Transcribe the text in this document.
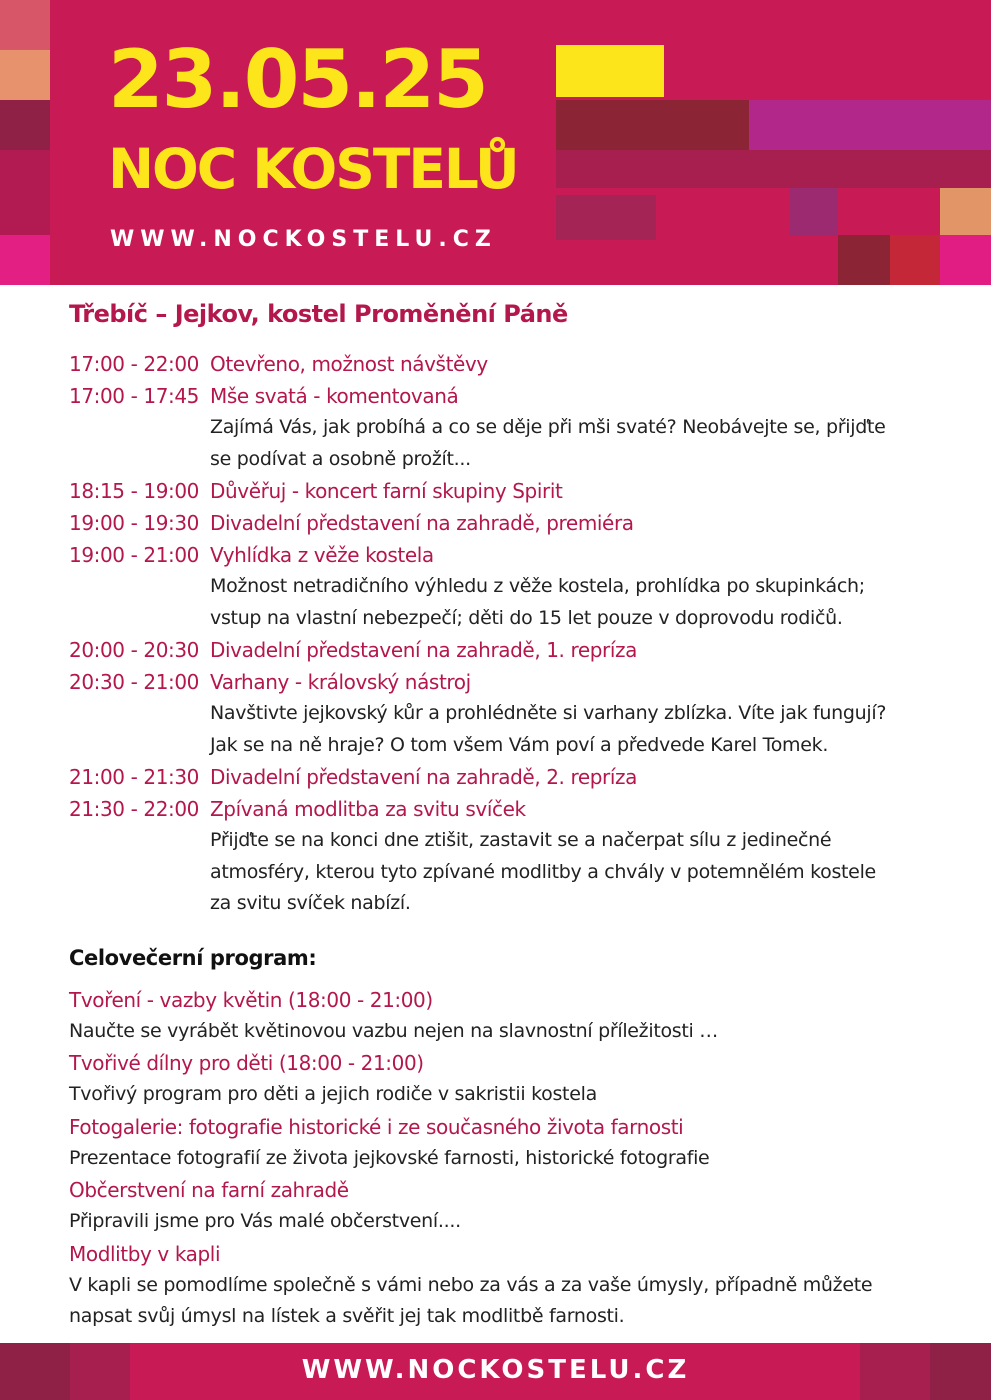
23.05.25
NOC KOSTELŮ
WWW.NOCKOSTELU.CZ
Třebíč – Jejkov, kostel Proměnění Páně
17:00 - 22:00 Otevřeno, možnost návštěvy
17:00 - 17:45 Mše svatá - komentovaná
Zajímá Vás, jak probíhá a co se děje při mši svaté? Neobávejte se, přijďte
se podívat a osobně prožít...
18:15 - 19:00 Důvěřuj - koncert farní skupiny Spirit
19:00 - 19:30 Divadelní představení na zahradě, premiéra
19:00 - 21:00 Vyhlídka z věže kostela
Možnost netradičního výhledu z věže kostela, prohlídka po skupinkách;
vstup na vlastní nebezpečí; děti do 15 let pouze v doprovodu rodičů.
20:00 - 20:30 Divadelní představení na zahradě, 1. repríza
20:30 - 21:00 Varhany - královský nástroj
Navštivte jejkovský kůr a prohlédněte si varhany zblízka. Víte jak fungují?
Jak se na ně hraje? O tom všem Vám poví a předvede Karel Tomek.
21:00 - 21:30 Divadelní představení na zahradě, 2. repríza
21:30 - 22:00 Zpívaná modlitba za svitu svíček
Přijďte se na konci dne ztišit, zastavit se a načerpat sílu z jedinečné
atmosféry, kterou tyto zpívané modlitby a chvály v potemnělém kostele
za svitu svíček nabízí.
Celovečerní program:
Tvoření - vazby květin (18:00 - 21:00)
Naučte se vyrábět květinovou vazbu nejen na slavnostní příležitosti …
Tvořivé dílny pro děti (18:00 - 21:00)
Tvořivý program pro děti a jejich rodiče v sakristii kostela
Fotogalerie: fotografie historické i ze současného života farnosti
Prezentace fotografií ze života jejkovské farnosti, historické fotografie
Občerstvení na farní zahradě
Připravili jsme pro Vás malé občerstvení....
Modlitby v kapli
V kapli se pomodlíme společně s vámi nebo za vás a za vaše úmysly, případně můžete
napsat svůj úmysl na lístek a svěřit jej tak modlitbě farnosti.
WWW.NOCKOSTELU.CZ
